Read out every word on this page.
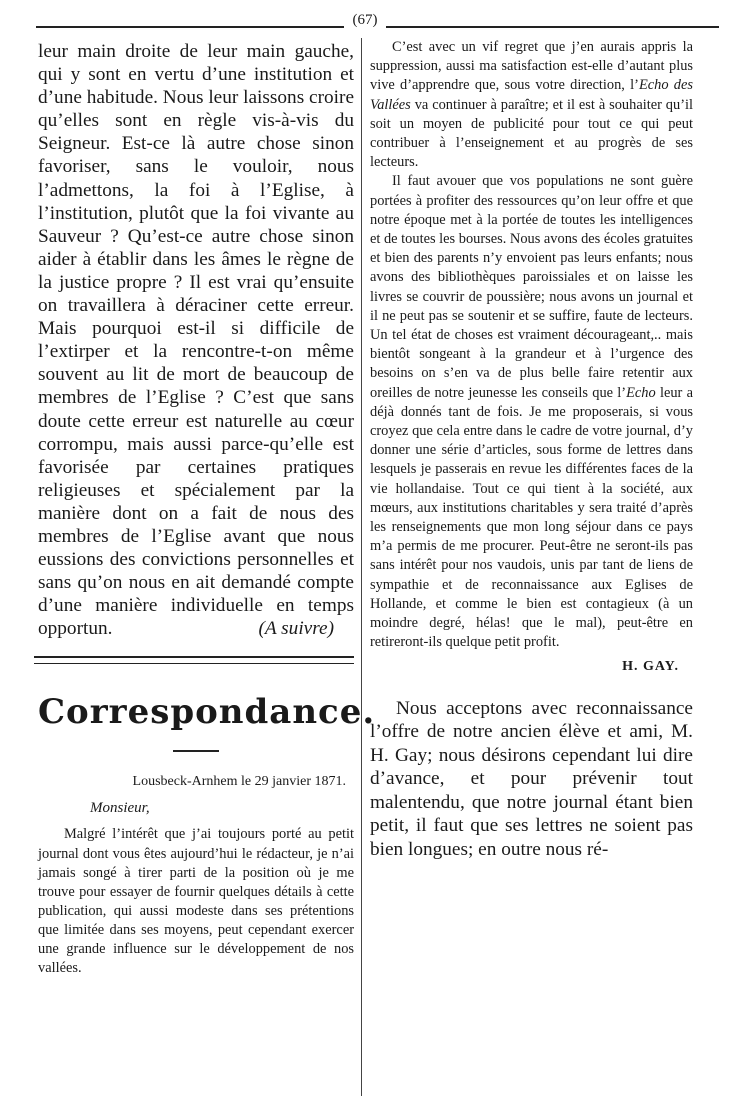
(67)

leur main droite de leur main gauche, qui y sont en vertu d’une institution et d’une habitude. Nous leur laissons croire qu’elles sont en règle vis-à-vis du Seigneur. Est-ce là autre chose sinon favoriser, sans le vouloir, nous l’admettons, la foi à l’Eglise, à l’institution, plutôt que la foi vivante au Sauveur ? Qu’est-ce autre chose sinon aider à établir dans les âmes le règne de la justice propre ? Il est vrai qu’ensuite on travaillera à déraciner cette erreur. Mais pourquoi est-il si difficile de l’extirper et la rencontre-t-on même souvent au lit de mort de beaucoup de membres de l’Eglise ? C’est que sans doute cette erreur est naturelle au cœur corrompu, mais aussi parce-qu’elle est favorisée par certaines pratiques religieuses et spécialement par la manière dont on a fait de nous des membres de l’Eglise avant que nous eussions des convictions personnelles et sans qu’on nous en ait demandé compte d’une manière individuelle en temps opportun.	(A suivre)

Correspondance.
Lousbeck-Arnhem le 29 janvier 1871.
Monsieur,

Malgré l’intérêt que j’ai toujours porté au petit journal dont vous êtes aujourd’hui le rédacteur, je n’ai jamais songé à tirer parti de la position où je me trouve pour essayer de fournir quelques détails à cette publication, qui aussi modeste dans ses prétentions que limitée dans ses moyens, peut cependant exercer une grande influence sur le développement de nos vallées.

C’est avec un vif regret que j’en aurais appris la suppression, aussi ma satisfaction est-elle d’autant plus vive d’apprendre que, sous votre direction, l’Echo des Vallées va continuer à paraître; et il est à souhaiter qu’il soit un moyen de publicité pour tout ce qui peut contribuer à l’enseignement et au progrès de ses lecteurs.

Il faut avouer que vos populations ne sont guère portées à profiter des ressources qu’on leur offre et que notre époque met à la portée de toutes les intelligences et de toutes les bourses. Nous avons des écoles gratuites et bien des parents n’y envoient pas leurs enfants; nous avons des bibliothèques paroissiales et on laisse les livres se couvrir de poussière; nous avons un journal et il ne peut pas se soutenir et se suffire, faute de lecteurs. Un tel état de choses est vraiment décourageant,.. mais bientôt songeant à la grandeur et à l’urgence des besoins on s’en va de plus belle faire retentir aux oreilles de notre jeunesse les conseils que l’Echo leur a déjà donnés tant de fois. Je me proposerais, si vous croyez que cela entre dans le cadre de votre journal, d’y donner une série d’articles, sous forme de lettres dans lesquels je passerais en revue les différentes faces de la vie hollandaise. Tout ce qui tient à la société, aux mœurs, aux institutions charitables y sera traité d’après les renseignements que mon long séjour dans ce pays m’a permis de me procurer. Peut-être ne seront-ils pas sans intérêt pour nos vaudois, unis par tant de liens de sympathie et de reconnaissance aux Eglises de Hollande, et comme le bien est contagieux (à un moindre degré, hélas! que le mal), peut-être en retireront-ils quelque petit profit.

H. GAY.

Nous acceptons avec reconnaissance l’offre de notre ancien élève et ami, M. H. Gay; nous désirons cependant lui dire d’avance, et pour prévenir tout malentendu, que notre journal étant bien petit, il faut que ses lettres ne soient pas bien longues; en outre nous ré-
